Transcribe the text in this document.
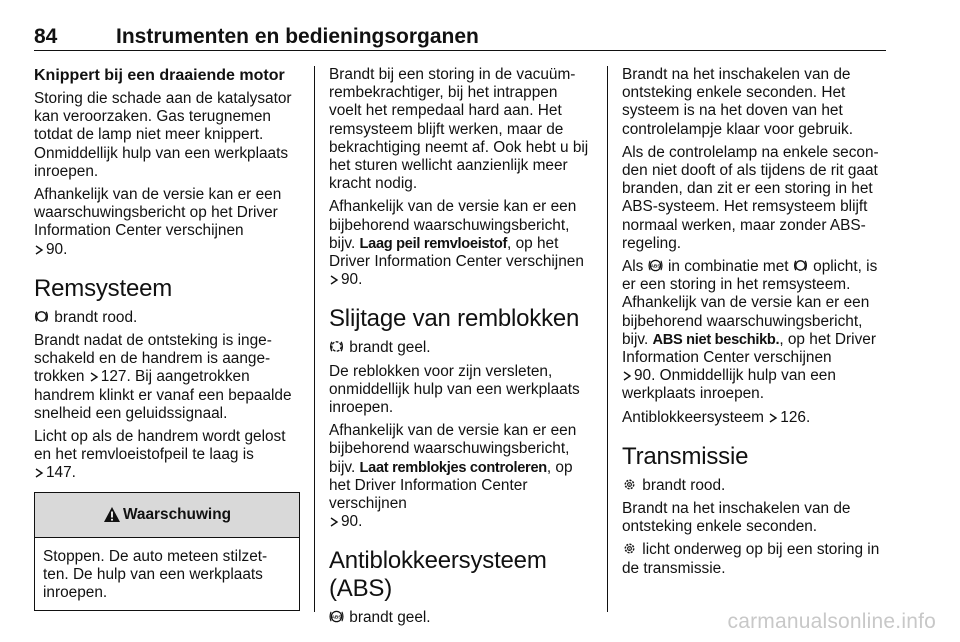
84	Instrumenten en bedieningsorganen
Knippert bij een draaiende motor

Storing die schade aan de katalysator kan veroorzaken. Gas terugnemen totdat de lamp niet meer knippert. Onmiddellijk hulp van een werkplaats inroepen.

Afhankelijk van de versie kan er een waarschuwingsbericht op het Driver Information Center verschijnen
90.

Remsysteem

brandt rood.

Brandt nadat de ontsteking is inge-schakeld en de handrem is aange-trokken 127. Bij aangetrokken handrem klinkt er vanaf een bepaalde snelheid een geluidssignaal.

Licht op als de handrem wordt gelost en het remvloeistofpeil te laag is
147.

Waarschuwing
Stoppen. De auto meteen stilzet-ten. De hulp van een werkplaats inroepen.

Brandt bij een storing in de vacuüm-rembekrachtiger, bij het intrappen voelt het rempedaal hard aan. Het remsysteem blijft werken, maar de bekrachtiging neemt af. Ook hebt u bij het sturen wellicht aanzienlijk meer kracht nodig.

Afhankelijk van de versie kan er een bijbehorend waarschuwingsbericht, bijv. Laag peil remvloeistof, op het Driver Information Center verschijnen
90.

Slijtage van remblokken

brandt geel.

De reblokken voor zijn versleten, onmiddellijk hulp van een werkplaats inroepen.

Afhankelijk van de versie kan er een bijbehorend waarschuwingsbericht, bijv. Laat remblokjes controleren, op het Driver Information Center verschijnen
90.

Antiblokkeersysteem (ABS)

ABS brandt geel.

Brandt na het inschakelen van de ontsteking enkele seconden. Het systeem is na het doven van het controlelampje klaar voor gebruik.

Als de controlelamp na enkele secon-den niet dooft of als tijdens de rit gaat branden, dan zit er een storing in het ABS-systeem. Het remsysteem blijft normaal werken, maar zonder ABS-regeling.

Als ABS in combinatie met oplicht, is er een storing in het remsysteem. Afhankelijk van de versie kan er een bijbehorend waarschuwingsbericht, bijv. ABS niet beschikb., op het Driver Information Center verschijnen
90. Onmiddellijk hulp van een werkplaats inroepen.

Antiblokkeersysteem 126.

Transmissie

! brandt rood.

Brandt na het inschakelen van de ontsteking enkele seconden.

! licht onderweg op bij een storing in de transmissie.

carmanualsonline.info
